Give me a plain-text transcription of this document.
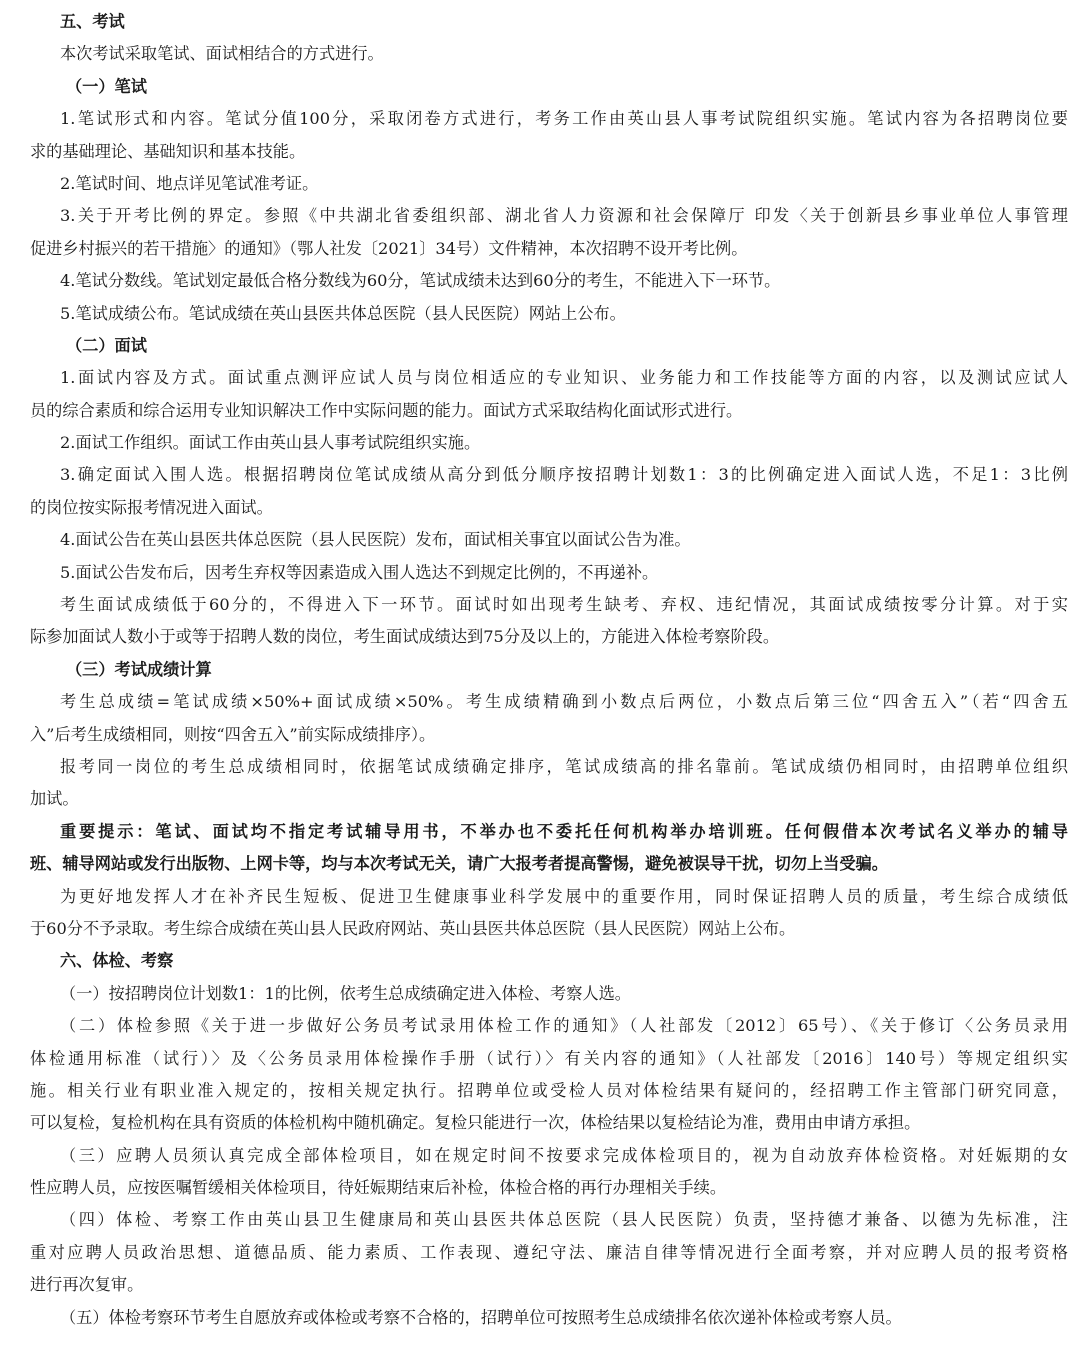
五、考试
本次考试采取笔试、面试相结合的方式进行。
（一）笔试
1.笔试形式和内容。笔试分值100分，采取闭卷方式进行，考务工作由英山县人事考试院组织实施。笔试内容为各招聘岗位要
求的基础理论、基础知识和基本技能。
2.笔试时间、地点详见笔试准考证。
3.关于开考比例的界定。参照《中共湖北省委组织部、湖北省人力资源和社会保障厅 印发〈关于创新县乡事业单位人事管理
促进乡村振兴的若干措施〉的通知》（鄂人社发〔2021〕34号）文件精神，本次招聘不设开考比例。
4.笔试分数线。笔试划定最低合格分数线为60分，笔试成绩未达到60分的考生，不能进入下一环节。
5.笔试成绩公布。笔试成绩在英山县医共体总医院（县人民医院）网站上公布。
（二）面试
1.面试内容及方式。面试重点测评应试人员与岗位相适应的专业知识、业务能力和工作技能等方面的内容，以及测试应试人
员的综合素质和综合运用专业知识解决工作中实际问题的能力。面试方式采取结构化面试形式进行。
2.面试工作组织。面试工作由英山县人事考试院组织实施。
3.确定面试入围人选。根据招聘岗位笔试成绩从高分到低分顺序按招聘计划数1：3的比例确定进入面试人选，不足1：3比例
的岗位按实际报考情况进入面试。
4.面试公告在英山县医共体总医院（县人民医院）发布，面试相关事宜以面试公告为准。
5.面试公告发布后，因考生弃权等因素造成入围人选达不到规定比例的，不再递补。
考生面试成绩低于60分的，不得进入下一环节。面试时如出现考生缺考、弃权、违纪情况，其面试成绩按零分计算。对于实
际参加面试人数小于或等于招聘人数的岗位，考生面试成绩达到75分及以上的，方能进入体检考察阶段。
（三）考试成绩计算
考生总成绩=笔试成绩×50%+面试成绩×50%。考生成绩精确到小数点后两位，小数点后第三位“四舍五入”（若“四舍五
入”后考生成绩相同，则按“四舍五入”前实际成绩排序）。
报考同一岗位的考生总成绩相同时，依据笔试成绩确定排序，笔试成绩高的排名靠前。笔试成绩仍相同时，由招聘单位组织
加试。
重要提示：笔试、面试均不指定考试辅导用书，不举办也不委托任何机构举办培训班。任何假借本次考试名义举办的辅导
班、辅导网站或发行出版物、上网卡等，均与本次考试无关，请广大报考者提高警惕，避免被误导干扰，切勿上当受骗。
为更好地发挥人才在补齐民生短板、促进卫生健康事业科学发展中的重要作用，同时保证招聘人员的质量，考生综合成绩低
于60分不予录取。考生综合成绩在英山县人民政府网站、英山县医共体总医院（县人民医院）网站上公布。
六、体检、考察
（一）按招聘岗位计划数1：1的比例，依考生总成绩确定进入体检、考察人选。
（二）体检参照《关于进一步做好公务员考试录用体检工作的通知》（人社部发〔2012〕65号）、《关于修订〈公务员录用
体检通用标准（试行）〉及〈公务员录用体检操作手册（试行）〉有关内容的通知》（人社部发〔2016〕140号）等规定组织实
施。相关行业有职业准入规定的，按相关规定执行。招聘单位或受检人员对体检结果有疑问的，经招聘工作主管部门研究同意，
可以复检，复检机构在具有资质的体检机构中随机确定。复检只能进行一次，体检结果以复检结论为准，费用由申请方承担。
（三）应聘人员须认真完成全部体检项目，如在规定时间不按要求完成体检项目的，视为自动放弃体检资格。对妊娠期的女
性应聘人员，应按医嘱暂缓相关体检项目，待妊娠期结束后补检，体检合格的再行办理相关手续。
（四）体检、考察工作由英山县卫生健康局和英山县医共体总医院（县人民医院）负责，坚持德才兼备、以德为先标准，注
重对应聘人员政治思想、道德品质、能力素质、工作表现、遵纪守法、廉洁自律等情况进行全面考察，并对应聘人员的报考资格
进行再次复审。
（五）体检考察环节考生自愿放弃或体检或考察不合格的，招聘单位可按照考生总成绩排名依次递补体检或考察人员。
